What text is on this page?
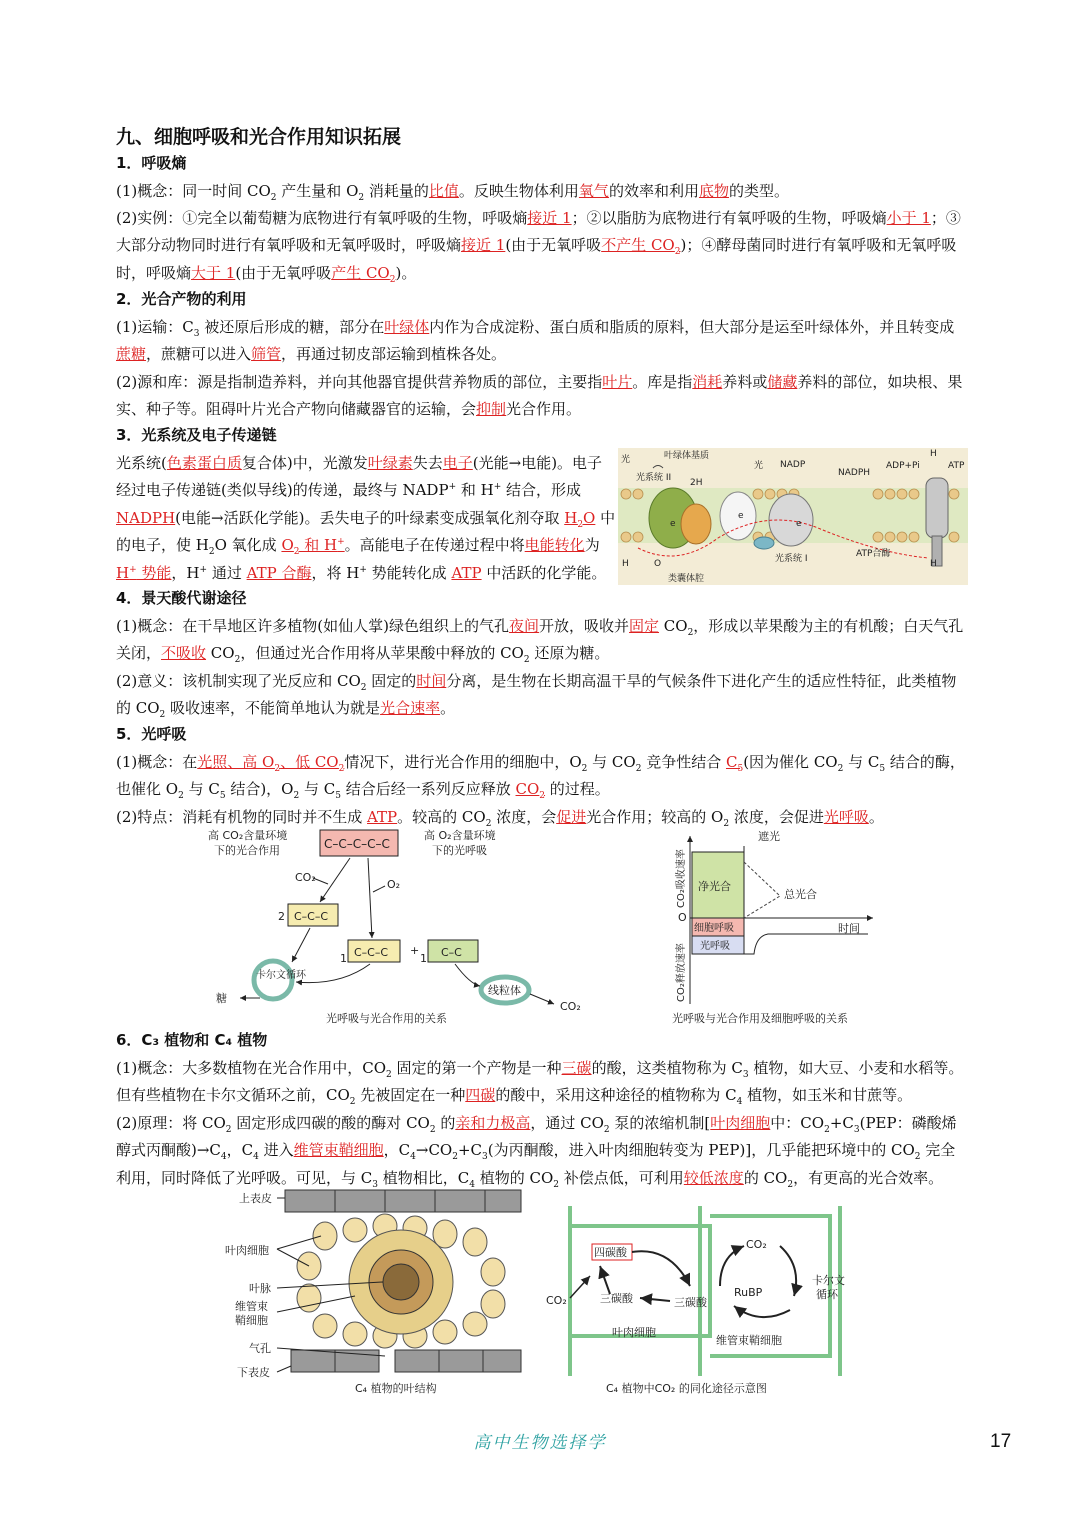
九、细胞呼吸和光合作用知识拓展
1．呼吸熵
(1)概念：同一时间 $CO_2$ 产生量和 $O_2$ 消耗量的比值。反映生物体利用氧气的效率和利用底物的类型。
(2)实例：①完全以葡萄糖为底物进行有氧呼吸的生物，呼吸熵接近 1；②以脂肪为底物进行有氧呼吸的生物，呼吸熵小于 1；③大部分动物同时进行有氧呼吸和无氧呼吸时，呼吸熵接近 1(由于无氧呼吸不产生 $CO_2$)；④酵母菌同时进行有氧呼吸和无氧呼吸时，呼吸熵大于 1(由于无氧呼吸产生 $CO_2$)。
2．光合产物的利用
(1)运输：$C_3$ 被还原后形成的糖，部分在叶绿体内作为合成淀粉、蛋白质和脂质的原料，但大部分是运至叶绿体外，并且转变成蔗糖，蔗糖可以进入筛管，再通过韧皮部运输到植株各处。
(2)源和库：源是指制造养料，并向其他器官提供营养物质的部位，主要指叶片。库是指消耗养料或储藏养料的部位，如块根、果实、种子等。阻碍叶片光合产物向储藏器官的运输，会抑制光合作用。
3．光系统及电子传递链
光系统(色素蛋白质复合体)中，光激发叶绿素失去电子(光能→电能)。电子经过电子传递链(类似导线)的传递，最终与 NADP+ 和 H+ 结合，形成 NADPH(电能→活跃化学能)。丢失电子的叶绿素变成强氧化剂夺取 $H_2O$ 中的电子，使 $H_2O$ 氧化成 $O_2$ 和 H+。高能电子在传递过程中将电能转化为 H+ 势能，H+ 通过 ATP 合酶，将 H+ 势能转化成 ATP 中活跃的化学能。
叶绿体基质
光
光系统 II 2H
光 NADP
NADPH
ADP+Pi	ATP
H
e
e
e
光系统 I	ATP合酶
H	O
类囊体腔
H
4．景天酸代谢途径
(1)概念：在干旱地区许多植物(如仙人掌)绿色组织上的气孔夜间开放，吸收并固定 $CO_2$，形成以苹果酸为主的有机酸；白天气孔关闭，不吸收 $CO_2$，但通过光合作用将从苹果酸中释放的 $CO_2$ 还原为糖。
(2)意义：该机制实现了光反应和 $CO_2$ 固定的时间分离，是生物在长期高温干旱的气候条件下进化产生的适应性特征，此类植物的 $CO_2$ 吸收速率，不能简单地认为就是光合速率。
5．光呼吸
(1)概念：在光照、高 $O_2$、低 $CO_2$情况下，进行光合作用的细胞中，$O_2$ 与 $CO_2$ 竞争性结合 $C_5$(因为催化 $CO_2$ 与 $C_5$ 结合的酶，也催化 $O_2$ 与 $C_5$ 结合)，$O_2$ 与 $C_5$ 结合后经一系列反应释放 $CO_2$ 的过程。
(2)特点：消耗有机物的同时并不生成 ATP。较高的 $CO_2$ 浓度，会促进光合作用；较高的 $O_2$ 浓度，会促进光呼吸。
高 CO₂含量环境
下的光合作用
高 O₂含量环境
下的光呼吸
C–C–C–C–C
CO₂
O₂
C–C–C
C–C–C	C–C
2
1	1
+
卡尔文循环
糖
线粒体
CO₂
光呼吸与光合作用的关系
遮光
净光合
总光合
细胞呼吸
光呼吸
时间
O
光呼吸与光合作用及细胞呼吸的关系
CO₂吸收速率
CO₂释放速率
6．C₃ 植物和 C₄ 植物
(1)概念：大多数植物在光合作用中，$CO_2$ 固定的第一个产物是一种三碳的酸，这类植物称为 $C_3$ 植物，如大豆、小麦和水稻等。但有些植物在卡尔文循环之前，$CO_2$ 先被固定在一种四碳的酸中，采用这种途径的植物称为 $C_4$ 植物，如玉米和甘蔗等。
(2)原理：将 $CO_2$ 固定形成四碳的酸的酶对 $CO_2$ 的亲和力极高，通过 $CO_2$ 泵的浓缩机制[叶肉细胞中：$CO_2+C_3(PEP$：磷酸烯醇式丙酮酸)$\to C_4$，$C_4$ 进入维管束鞘细胞，$C_4\to CO_2+C_3$(为丙酮酸，进入叶肉细胞转变为 PEP)]，几乎能把环境中的 $CO_2$ 完全利用，同时降低了光呼吸。可见，与 $C_3$ 植物相比，$C_4$ 植物的 $CO_2$ 补偿点低，可利用较低浓度的 $CO_2$，有更高的光合效率。
上表皮
叶肉细胞
叶脉
维管束
鞘细胞
气孔
下表皮
C₄ 植物的叶结构
四碳酸
三碳酸	三碳酸
CO₂
CO₂
RuBP
卡尔文
循环
叶肉细胞
维管束鞘细胞
C₄ 植物中CO₂ 的同化途径示意图
高中生物选择学	17
